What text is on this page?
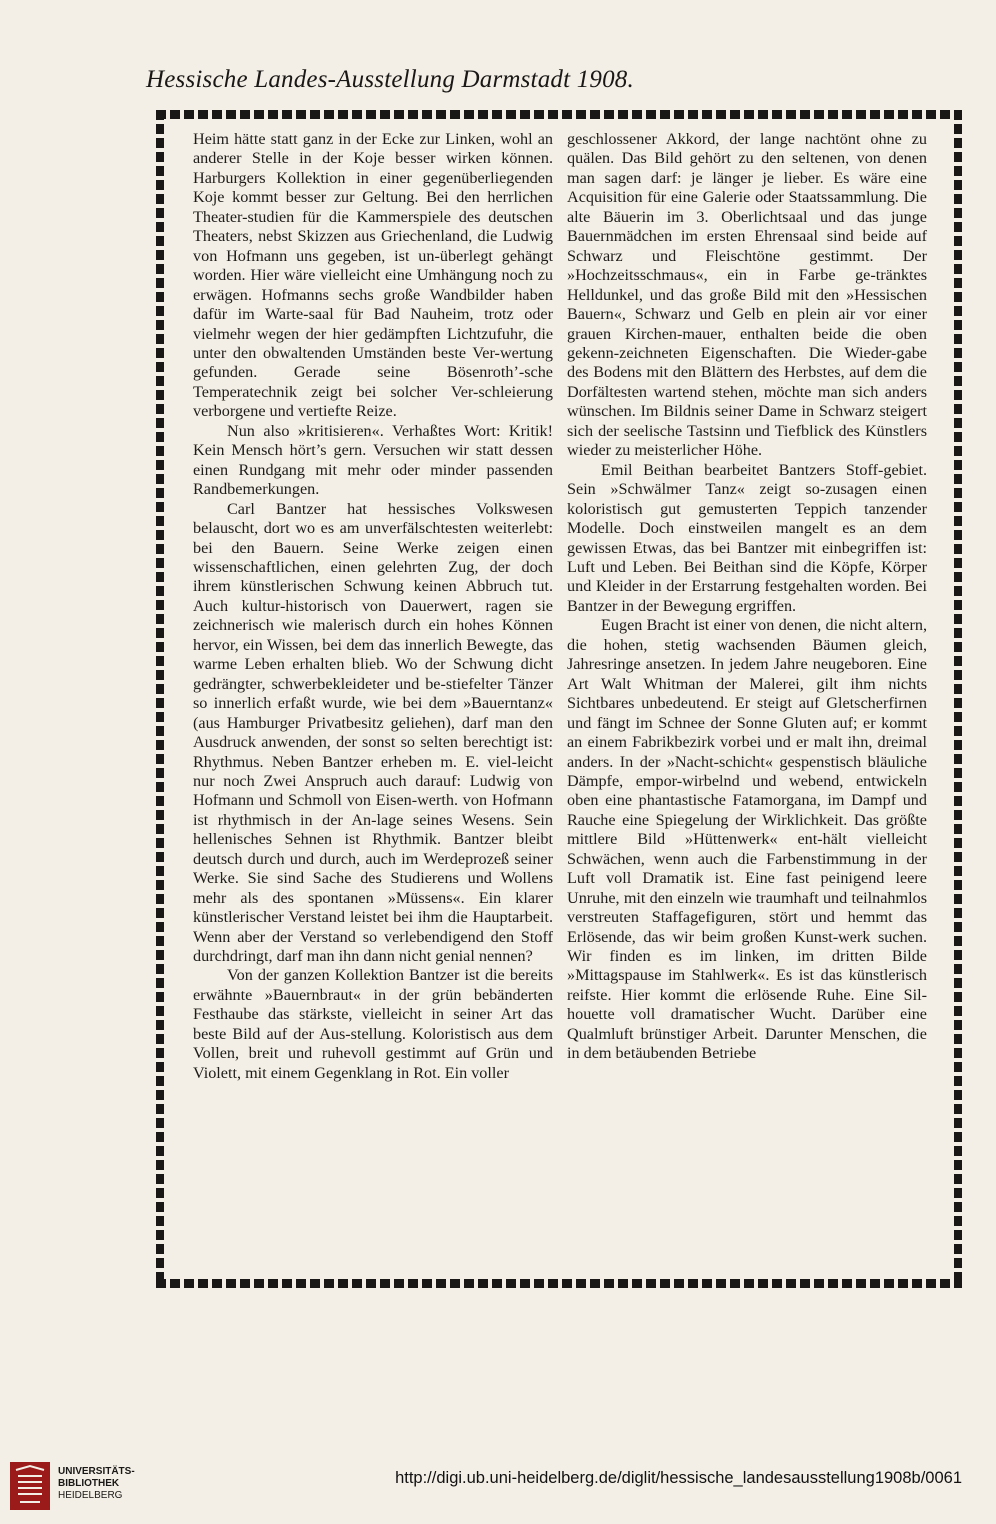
Hessische Landes-Ausstellung Darmstadt 1908.

Heim hätte statt ganz in der Ecke zur Linken, wohl an anderer Stelle in der Koje besser wirken können. Harburgers Kollektion in einer gegenüberliegenden Koje kommt besser zur Geltung. Bei den herrlichen Theater-studien für die Kammerspiele des deutschen Theaters, nebst Skizzen aus Griechenland, die Ludwig von Hofmann uns gegeben, ist un-überlegt gehängt worden. Hier wäre vielleicht eine Umhängung noch zu erwägen. Hofmanns sechs große Wandbilder haben dafür im Warte-saal für Bad Nauheim, trotz oder vielmehr wegen der hier gedämpften Lichtzufuhr, die unter den obwaltenden Umständen beste Ver-wertung gefunden. Gerade seine Bösenroth’-sche Temperatechnik zeigt bei solcher Ver-schleierung verborgene und vertiefte Reize.

Nun also »kritisieren«. Verhaßtes Wort: Kritik! Kein Mensch hört’s gern. Versuchen wir statt dessen einen Rundgang mit mehr oder minder passenden Randbemerkungen.

Carl Bantzer hat hessisches Volkswesen belauscht, dort wo es am unverfälschtesten weiterlebt: bei den Bauern. Seine Werke zeigen einen wissenschaftlichen, einen gelehrten Zug, der doch ihrem künstlerischen Schwung keinen Abbruch tut. Auch kultur-historisch von Dauerwert, ragen sie zeichnerisch wie malerisch durch ein hohes Können hervor, ein Wissen, bei dem das innerlich Bewegte, das warme Leben erhalten blieb. Wo der Schwung dicht gedrängter, schwerbekleideter und be-stiefelter Tänzer so innerlich erfaßt wurde, wie bei dem »Bauerntanz« (aus Hamburger Privatbesitz geliehen), darf man den Ausdruck anwenden, der sonst so selten berechtigt ist: Rhythmus. Neben Bantzer erheben m. E. viel-leicht nur noch Zwei Anspruch auch darauf: Ludwig von Hofmann und Schmoll von Eisen-werth. von Hofmann ist rhythmisch in der An-lage seines Wesens. Sein hellenisches Sehnen ist Rhythmik. Bantzer bleibt deutsch durch und durch, auch im Werdeprozeß seiner Werke. Sie sind Sache des Studierens und Wollens mehr als des spontanen »Müssens«. Ein klarer künstlerischer Verstand leistet bei ihm die Hauptarbeit. Wenn aber der Verstand so verlebendigend den Stoff durchdringt, darf man ihn dann nicht genial nennen?

Von der ganzen Kollektion Bantzer ist die bereits erwähnte »Bauernbraut« in der grün bebänderten Festhaube das stärkste, vielleicht in seiner Art das beste Bild auf der Aus-stellung. Koloristisch aus dem Vollen, breit und ruhevoll gestimmt auf Grün und Violett, mit einem Gegenklang in Rot. Ein voller

geschlossener Akkord, der lange nachtönt ohne zu quälen. Das Bild gehört zu den seltenen, von denen man sagen darf: je länger je lieber. Es wäre eine Acquisition für eine Galerie oder Staatssammlung. Die alte Bäuerin im 3. Oberlichtsaal und das junge Bauernmädchen im ersten Ehrensaal sind beide auf Schwarz und Fleischtöne gestimmt. Der »Hochzeitsschmaus«, ein in Farbe ge-tränktes Helldunkel, und das große Bild mit den »Hessischen Bauern«, Schwarz und Gelb en plein air vor einer grauen Kirchen-mauer, enthalten beide die oben gekenn-zeichneten Eigenschaften. Die Wieder-gabe des Bodens mit den Blättern des Herbstes, auf dem die Dorfältesten wartend stehen, möchte man sich anders wünschen. Im Bildnis seiner Dame in Schwarz steigert sich der seelische Tastsinn und Tiefblick des Künstlers wieder zu meisterlicher Höhe.

Emil Beithan bearbeitet Bantzers Stoff-gebiet. Sein »Schwälmer Tanz« zeigt so-zusagen einen koloristisch gut gemusterten Teppich tanzender Modelle. Doch einstweilen mangelt es an dem gewissen Etwas, das bei Bantzer mit einbegriffen ist: Luft und Leben. Bei Beithan sind die Köpfe, Körper und Kleider in der Erstarrung festgehalten worden. Bei Bantzer in der Bewegung ergriffen.

Eugen Bracht ist einer von denen, die nicht altern, die hohen, stetig wachsenden Bäumen gleich, Jahresringe ansetzen. In jedem Jahre neugeboren. Eine Art Walt Whitman der Malerei, gilt ihm nichts Sichtbares unbedeutend. Er steigt auf Gletscherfirnen und fängt im Schnee der Sonne Gluten auf; er kommt an einem Fabrikbezirk vorbei und er malt ihn, dreimal anders. In der »Nacht-schicht« gespenstisch bläuliche Dämpfe, empor-wirbelnd und webend, entwickeln oben eine phantastische Fatamorgana, im Dampf und Rauche eine Spiegelung der Wirklichkeit. Das größte mittlere Bild »Hüttenwerk« ent-hält vielleicht Schwächen, wenn auch die Farbenstimmung in der Luft voll Dramatik ist. Eine fast peinigend leere Unruhe, mit den einzeln wie traumhaft und teilnahmlos verstreuten Staffagefiguren, stört und hemmt das Erlösende, das wir beim großen Kunst-werk suchen. Wir finden es im linken, im dritten Bilde »Mittagspause im Stahlwerk«. Es ist das künstlerisch reifste. Hier kommt die erlösende Ruhe. Eine Sil-houette voll dramatischer Wucht. Darüber eine Qualmluft brünstiger Arbeit. Darunter Menschen, die in dem betäubenden Betriebe

UNIVERSITÄTS-
BIBLIOTHEK
HEIDELBERG
http://digi.ub.uni-heidelberg.de/diglit/hessische_landesausstellung1908b/0061
